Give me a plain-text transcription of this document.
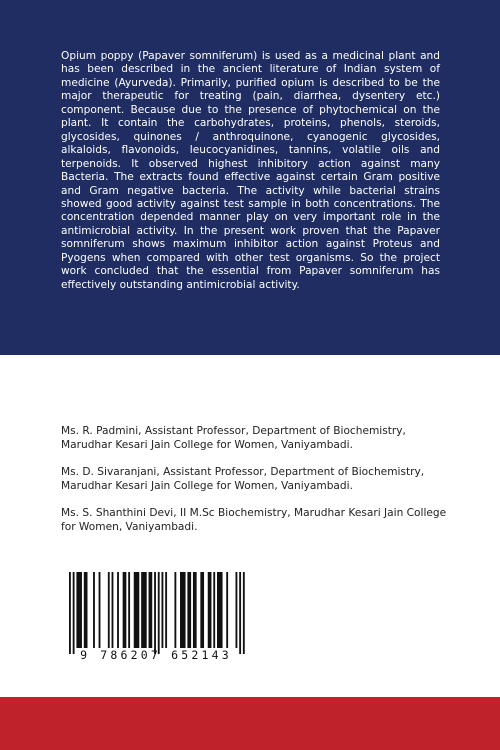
Opium poppy (Papaver somniferum) is used as a medicinal plant and has been described in the ancient literature of Indian system of medicine (Ayurveda). Primarily, purified opium is described to be the major therapeutic for treating (pain, diarrhea, dysentery etc.) component. Because due to the presence of phytochemical on the plant. It contain the carbohydrates, proteins, phenols, steroids, glycosides, quinones / anthroquinone, cyanogenic glycosides, alkaloids, flavonoids, leucocyanidines, tannins, volatile oils and terpenoids. It observed highest inhibitory action against many Bacteria. The extracts found effective against certain Gram positive and Gram negative bacteria. The activity while bacterial strains showed good activity against test sample in both concentrations. The concentration depended manner play on very important role in the antimicrobial activity. In the present work proven that the Papaver somniferum shows maximum inhibitor action against Proteus and Pyogens when compared with other test organisms. So the project work concluded that the essential from Papaver somniferum has effectively outstanding antimicrobial activity.

Ms. R. Padmini, Assistant Professor, Department of Biochemistry, Marudhar Kesari Jain College for Women, Vaniyambadi.

Ms. D. Sivaranjani, Assistant Professor, Department of Biochemistry, Marudhar Kesari Jain College for Women, Vaniyambadi.

Ms. S. Shanthini Devi, II M.Sc Biochemistry, Marudhar Kesari Jain College for Women, Vaniyambadi.

9 786207 652143
